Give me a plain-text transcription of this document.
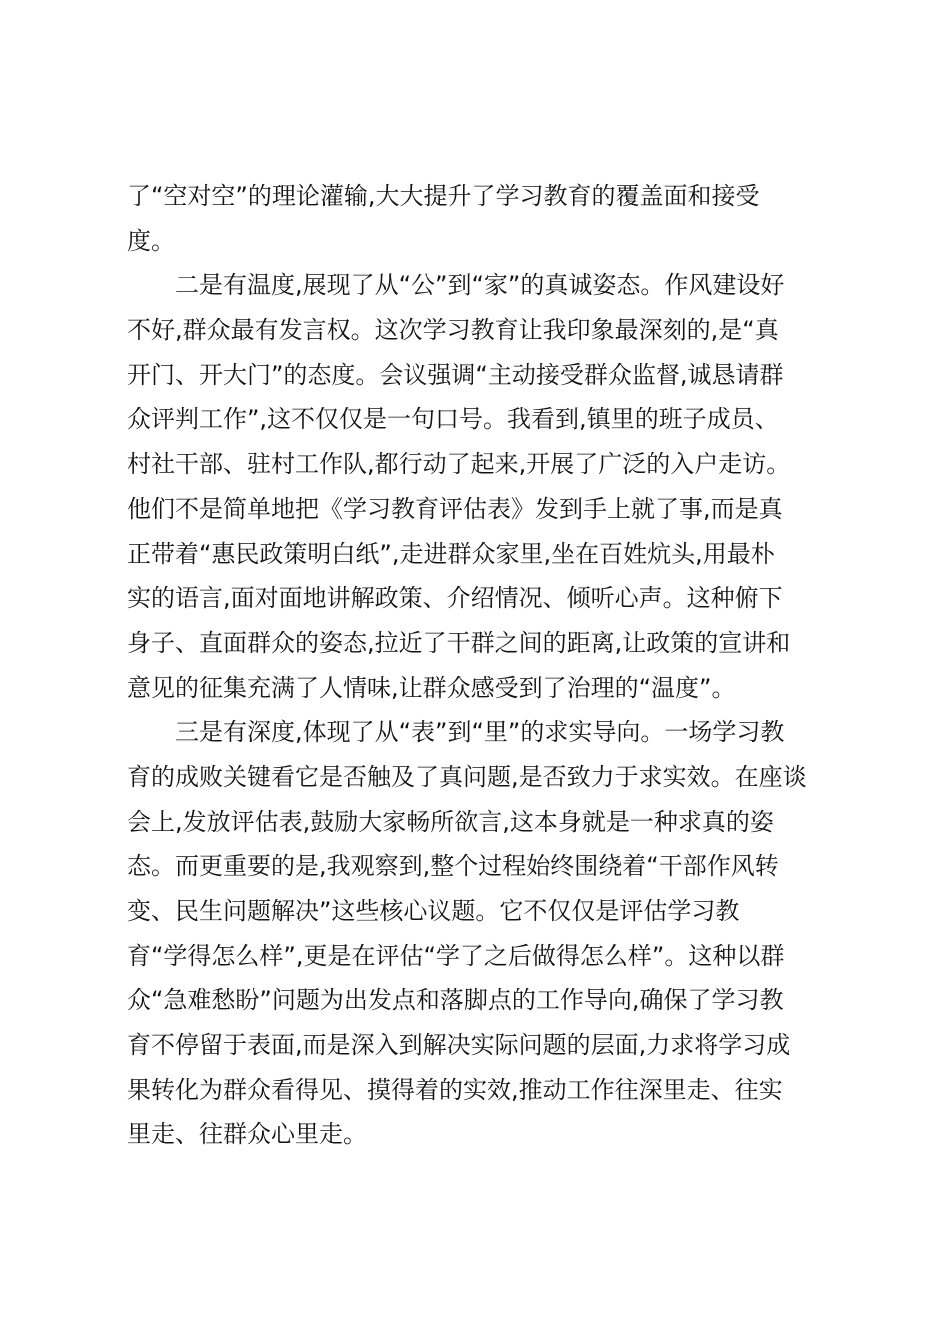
了“空对空”的理论灌输,大大提升了学习教育的覆盖面和接受
度。
　　二是有温度,展现了从“公”到“家”的真诚姿态。作风建设好
不好,群众最有发言权。这次学习教育让我印象最深刻的,是“真
开门、开大门”的态度。会议强调“主动接受群众监督,诚恳请群
众评判工作”,这不仅仅是一句口号。我看到,镇里的班子成员、
村社干部、驻村工作队,都行动了起来,开展了广泛的入户走访。
他们不是简单地把《学习教育评估表》发到手上就了事,而是真
正带着“惠民政策明白纸”,走进群众家里,坐在百姓炕头,用最朴
实的语言,面对面地讲解政策、介绍情况、倾听心声。这种俯下
身子、直面群众的姿态,拉近了干群之间的距离,让政策的宣讲和
意见的征集充满了人情味,让群众感受到了治理的“温度”。
　　三是有深度,体现了从“表”到“里”的求实导向。一场学习教
育的成败关键看它是否触及了真问题,是否致力于求实效。在座谈
会上,发放评估表,鼓励大家畅所欲言,这本身就是一种求真的姿
态。而更重要的是,我观察到,整个过程始终围绕着“干部作风转
变、民生问题解决”这些核心议题。它不仅仅是评估学习教
育“学得怎么样”,更是在评估“学了之后做得怎么样”。这种以群
众“急难愁盼”问题为出发点和落脚点的工作导向,确保了学习教
育不停留于表面,而是深入到解决实际问题的层面,力求将学习成
果转化为群众看得见、摸得着的实效,推动工作往深里走、往实
里走、往群众心里走。
